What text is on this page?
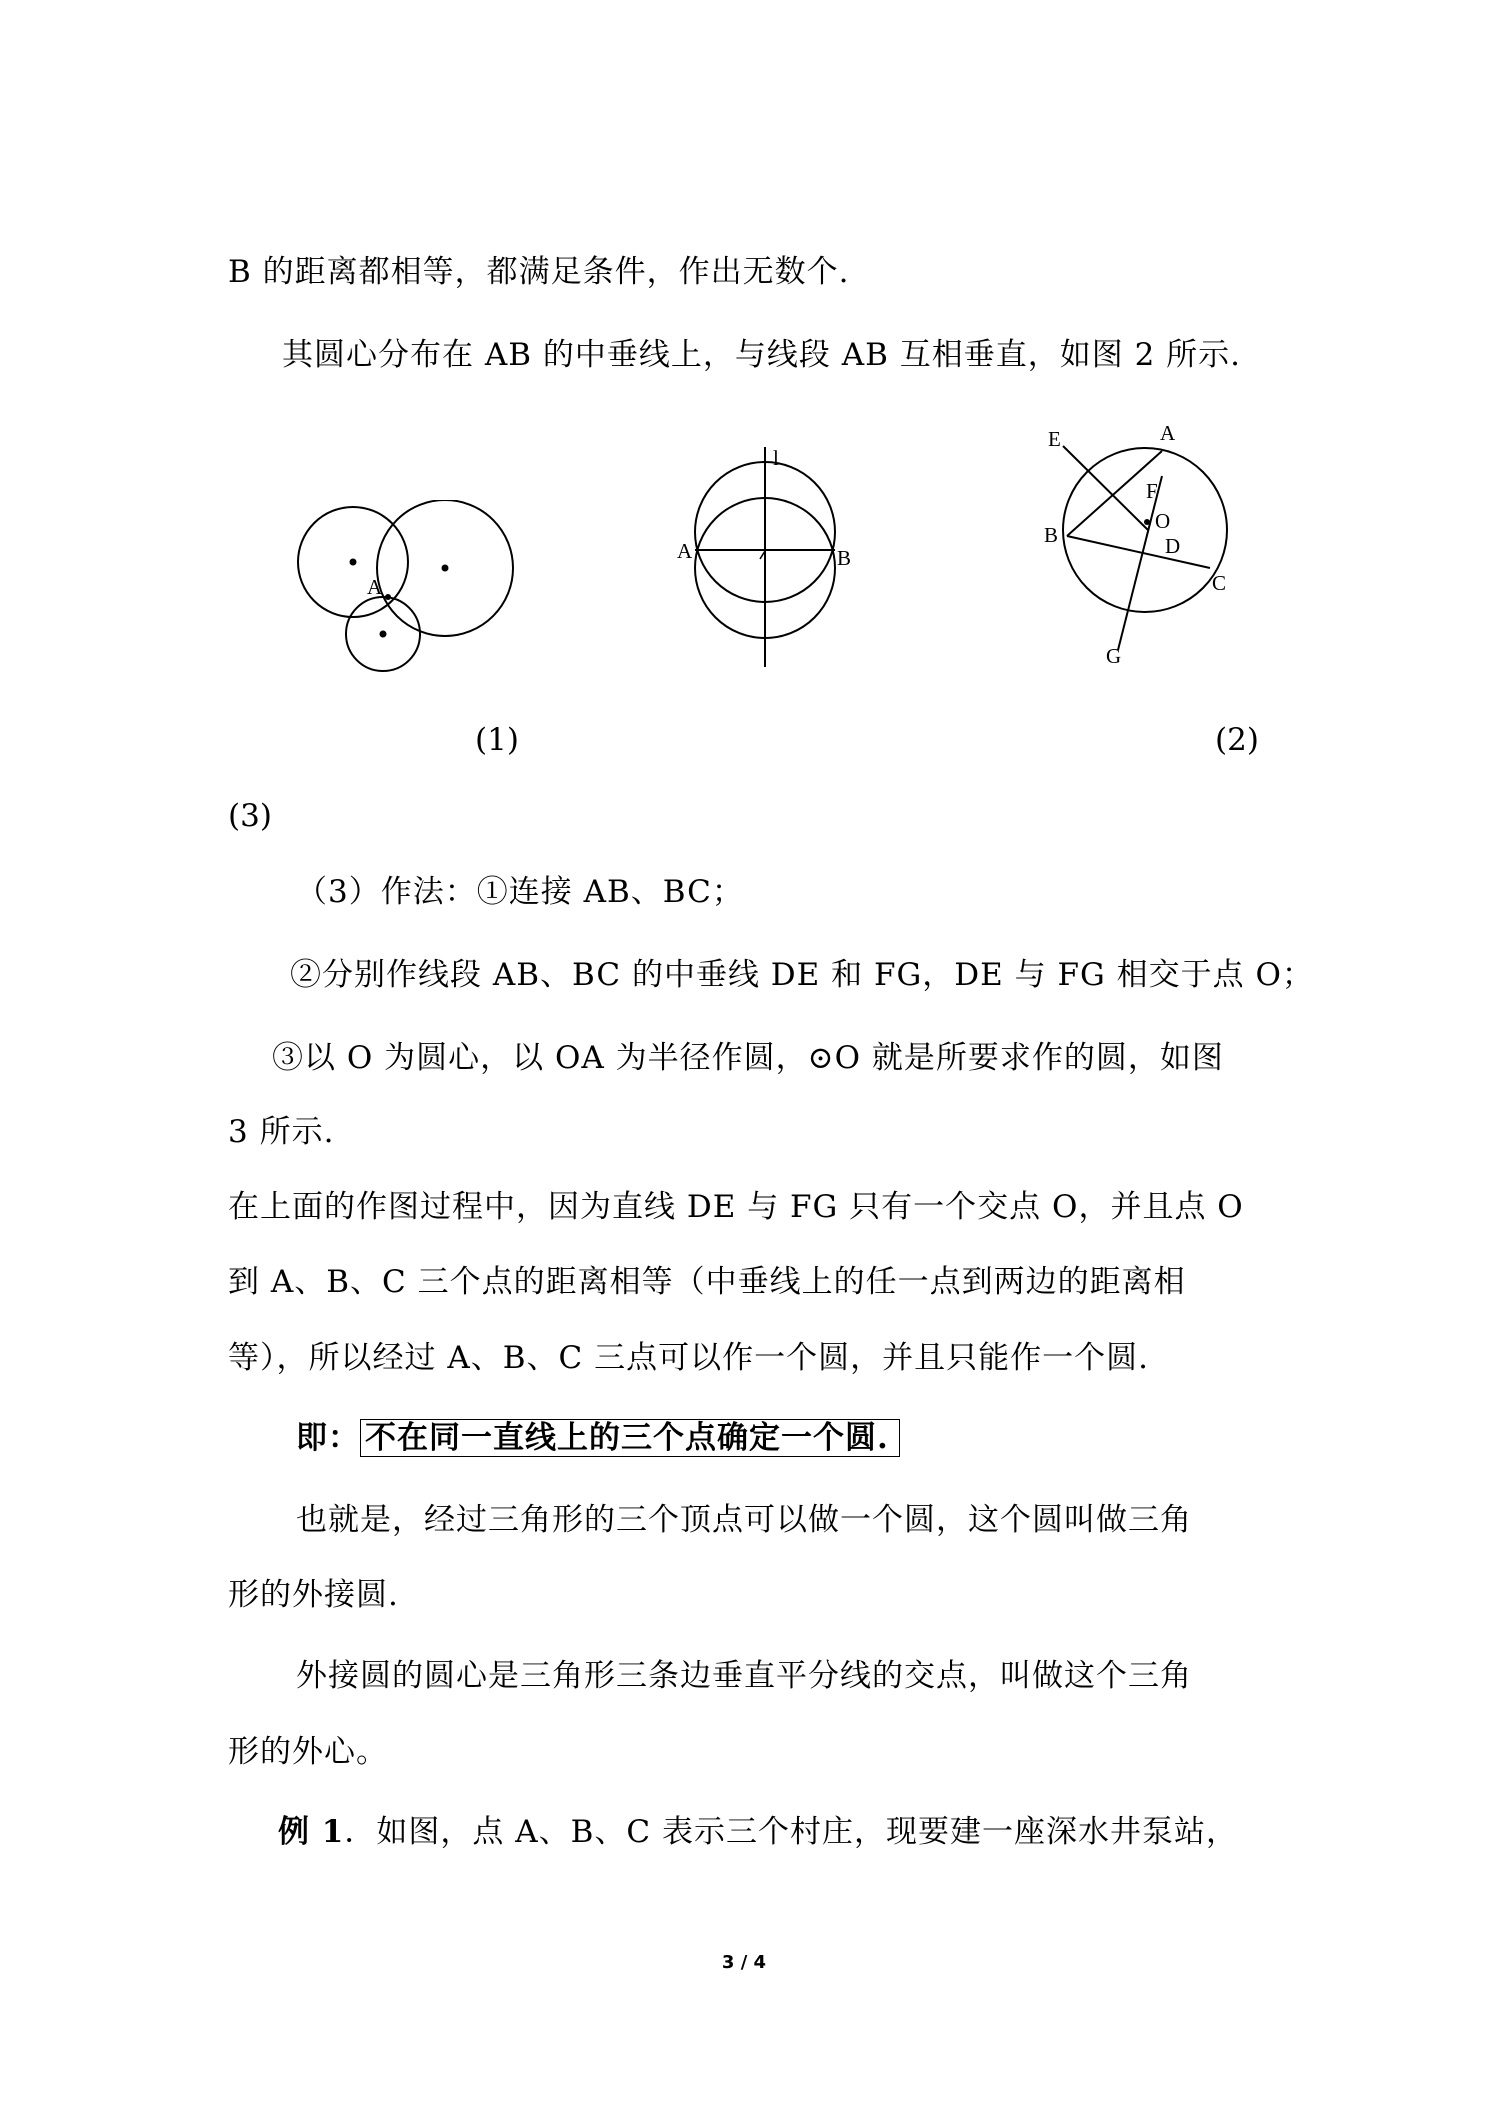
B 的距离都相等，都满足条件，作出无数个.
其圆心分布在 AB 的中垂线上，与线段 AB 互相垂直，如图 2 所示.
A
l
A	B
E	A
F
O
B	D
C
G
(1)	(2)
(3)
（3）作法：①连接 AB、BC；
②分别作线段 AB、BC 的中垂线 DE 和 FG，DE 与 FG 相交于点 O；
③以 O 为圆心，以 OA 为半径作圆，⊙O 就是所要求作的圆，如图
3 所示.
在上面的作图过程中，因为直线 DE 与 FG 只有一个交点 O，并且点 O
到 A、B、C 三个点的距离相等（中垂线上的任一点到两边的距离相
等），所以经过 A、B、C 三点可以作一个圆，并且只能作一个圆.
即： 不在同一直线上的三个点确定一个圆.
也就是，经过三角形的三个顶点可以做一个圆，这个圆叫做三角
形的外接圆.
外接圆的圆心是三角形三条边垂直平分线的交点，叫做这个三角
形的外心。
例 1．如图，点 A、B、C 表示三个村庄，现要建一座深水井泵站，
3 / 4
